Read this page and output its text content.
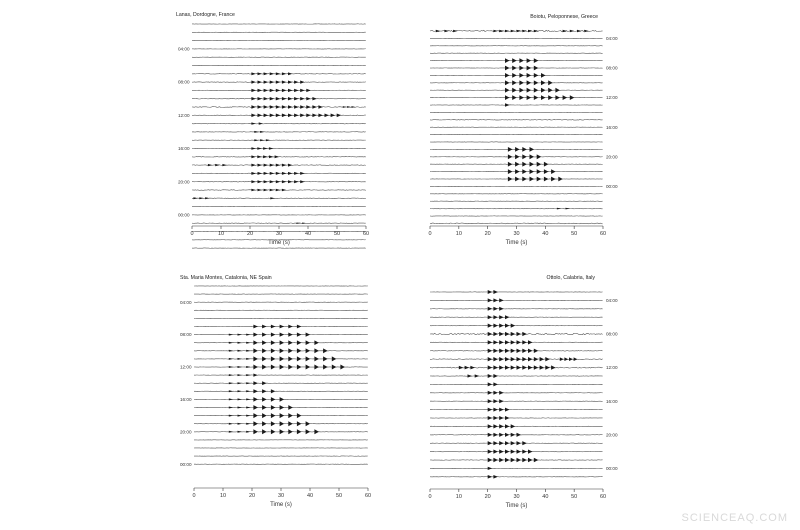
Lanas, Dordogne, France
04:00
08:00
12:00
16:00
20:00
00:00
0	10	20	30	40	50	60
Time (s)
Boiotu, Peloponnese, Greece
04:00
08:00
12:00
16:00
20:00
00:00
0	10	20	30	40	50	60
Time (s)
Sta. Maria Montes, Catalonia, NE Spain
04:00
08:00
12:00
16:00
20:00
00:00
0	10	20	30	40	50	60
Time (s)
Ottolo, Calabria, Italy
04:00
08:00
12:00
16:00
20:00
00:00
0	10	20	30	40	50	60
Time (s)
SCIENCEAQ.COM
